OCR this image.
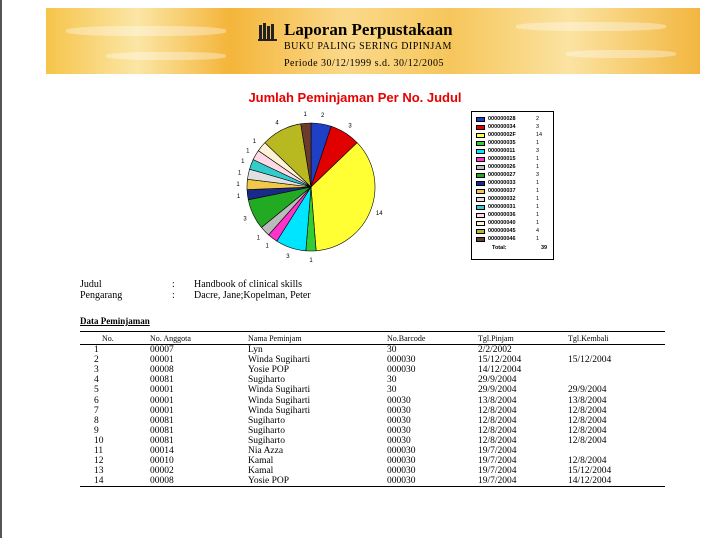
Laporan Perpustakaan
BUKU PALING SERING DIPINJAM
Periode 30/12/1999 s.d. 30/12/2005
Jumlah Peminjaman Per No. Judul
2
3
14
1
3
1
1
3
1
1
1
1
1
1
4
1
000000028	2
000000034	3
00000002F	14
000000035	1
000000011	3
000000015	1
000000026	1
000000027	3
000000033	1
000000037	1
000000032	1
000000031	1
000000036	1
000000040	1
000000045	4
000000046	1
Total:	39
Judul	: Handbook of clinical skills
Pengarang	: Dacre, Jane;Kopelman, Peter
Data Peminjaman
No.	No. Anggota	Nama Peminjam	No.Barcode	Tgl.Pinjam	Tgl.Kembali
1	00007	Lyn	30	2/2/2002
2	00001	Winda Sugiharti	000030	15/12/2004	15/12/2004
3	00008	Yosie POP	000030	14/12/2004
4	00081	Sugiharto	30	29/9/2004
5	00001	Winda Sugiharti	30	29/9/2004	29/9/2004
6	00001	Winda Sugiharti	00030	13/8/2004	13/8/2004
7	00001	Winda Sugiharti	00030	12/8/2004	12/8/2004
8	00081	Sugiharto	00030	12/8/2004	12/8/2004
9	00081	Sugiharto	00030	12/8/2004	12/8/2004
10	00081	Sugiharto	00030	12/8/2004	12/8/2004
11	00014	Nia Azza	000030	19/7/2004
12	00010	Kamal	000030	19/7/2004	12/8/2004
13	00002	Kamal	000030	19/7/2004	15/12/2004
14	00008	Yosie POP	000030	19/7/2004	14/12/2004
